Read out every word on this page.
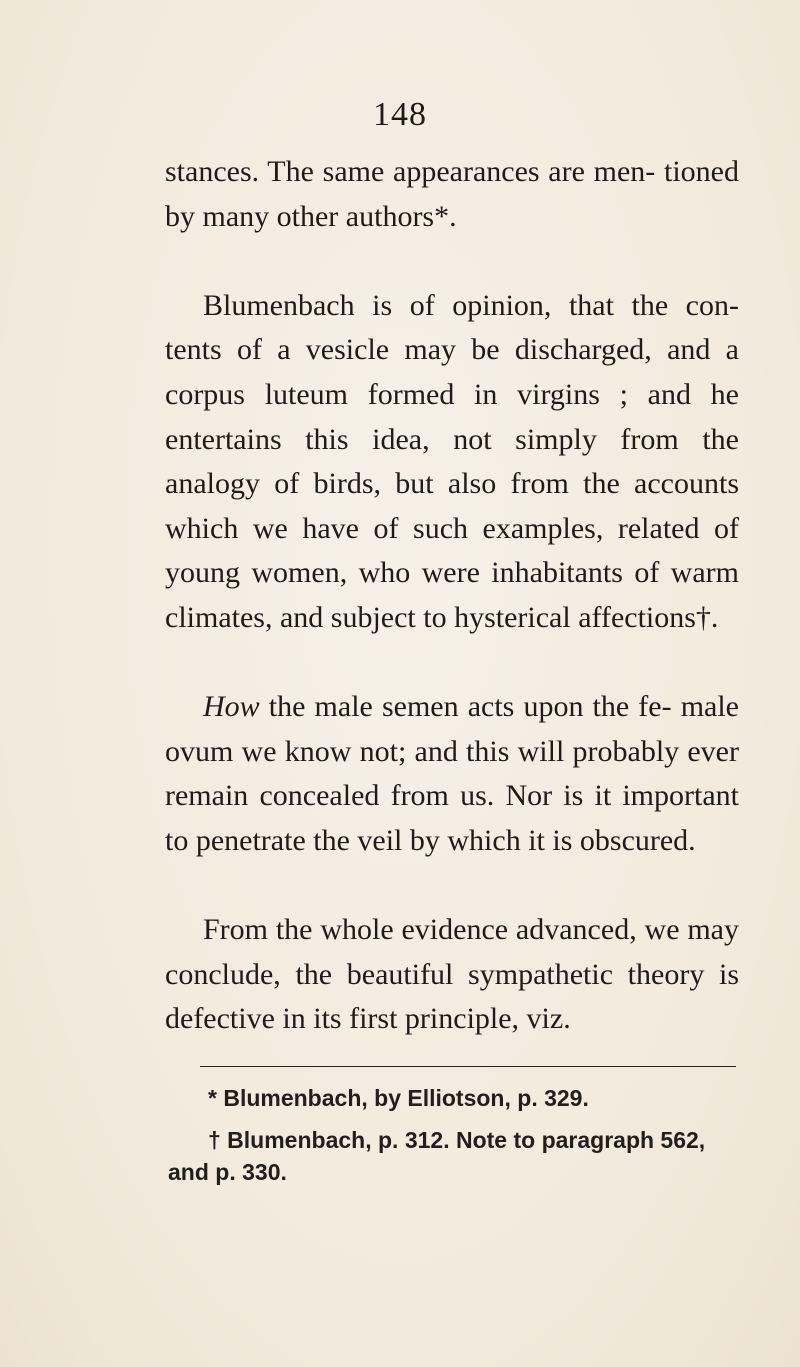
148

stances. The same appearances are men- tioned by many other authors*.

Blumenbach is of opinion, that the con- tents of a vesicle may be discharged, and a corpus luteum formed in virgins ; and he entertains this idea, not simply from the analogy of birds, but also from the accounts which we have of such examples, related of young women, who were inhabitants of warm climates, and subject to hysterical affections†.

How the male semen acts upon the fe- male ovum we know not; and this will probably ever remain concealed from us. Nor is it important to penetrate the veil by which it is obscured.

From the whole evidence advanced, we may conclude, the beautiful sympathetic theory is defective in its first principle, viz.

* Blumenbach, by Elliotson, p. 329.

† Blumenbach, p. 312. Note to paragraph 562, and p. 330.
